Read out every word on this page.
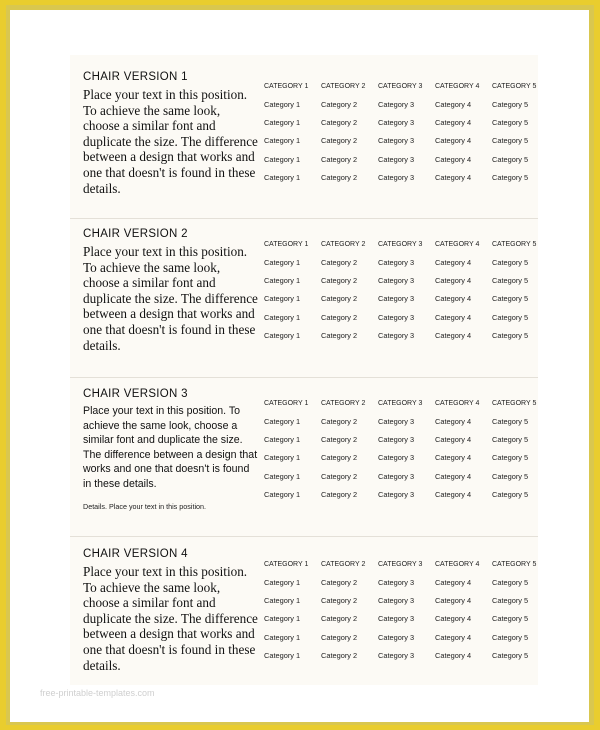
CHAIR VERSION 1

Place your text in this position. To achieve the same look, choose a similar font and duplicate the size. The difference between a design that works and one that doesn't is found in these details.
CATEGORY 1 CATEGORY 2 CATEGORY 3 CATEGORY 4 CATEGORY 5
Category 1	Category 2	Category 3	Category 4	Category 5
Category 1	Category 2	Category 3	Category 4	Category 5
Category 1	Category 2	Category 3	Category 4	Category 5
Category 1	Category 2	Category 3	Category 4	Category 5
Category 1	Category 2	Category 3	Category 4	Category 5

CHAIR VERSION 2

Place your text in this position. To achieve the same look, choose a similar font and duplicate the size. The difference between a design that works and one that doesn't is found in these details.
CATEGORY 1 CATEGORY 2 CATEGORY 3 CATEGORY 4 CATEGORY 5
Category 1	Category 2	Category 3	Category 4	Category 5
Category 1	Category 2	Category 3	Category 4	Category 5
Category 1	Category 2	Category 3	Category 4	Category 5
Category 1	Category 2	Category 3	Category 4	Category 5
Category 1	Category 2	Category 3	Category 4	Category 5

CHAIR VERSION 3

Place your text in this position. To achieve the same look, choose a similar font and duplicate the size. The difference between a design that works and one that doesn't is found in these details.
Details. Place your text in this position.
CATEGORY 1 CATEGORY 2 CATEGORY 3 CATEGORY 4 CATEGORY 5
Category 1	Category 2	Category 3	Category 4	Category 5
Category 1	Category 2	Category 3	Category 4	Category 5
Category 1	Category 2	Category 3	Category 4	Category 5
Category 1	Category 2	Category 3	Category 4	Category 5
Category 1	Category 2	Category 3	Category 4	Category 5

CHAIR VERSION 4

Place your text in this position. To achieve the same look, choose a similar font and duplicate the size. The difference between a design that works and one that doesn't is found in these details.
CATEGORY 1 CATEGORY 2 CATEGORY 3 CATEGORY 4 CATEGORY 5
Category 1	Category 2	Category 3	Category 4	Category 5
Category 1	Category 2	Category 3	Category 4	Category 5
Category 1	Category 2	Category 3	Category 4	Category 5
Category 1	Category 2	Category 3	Category 4	Category 5
Category 1	Category 2	Category 3	Category 4	Category 5
free-printable-templates.com
